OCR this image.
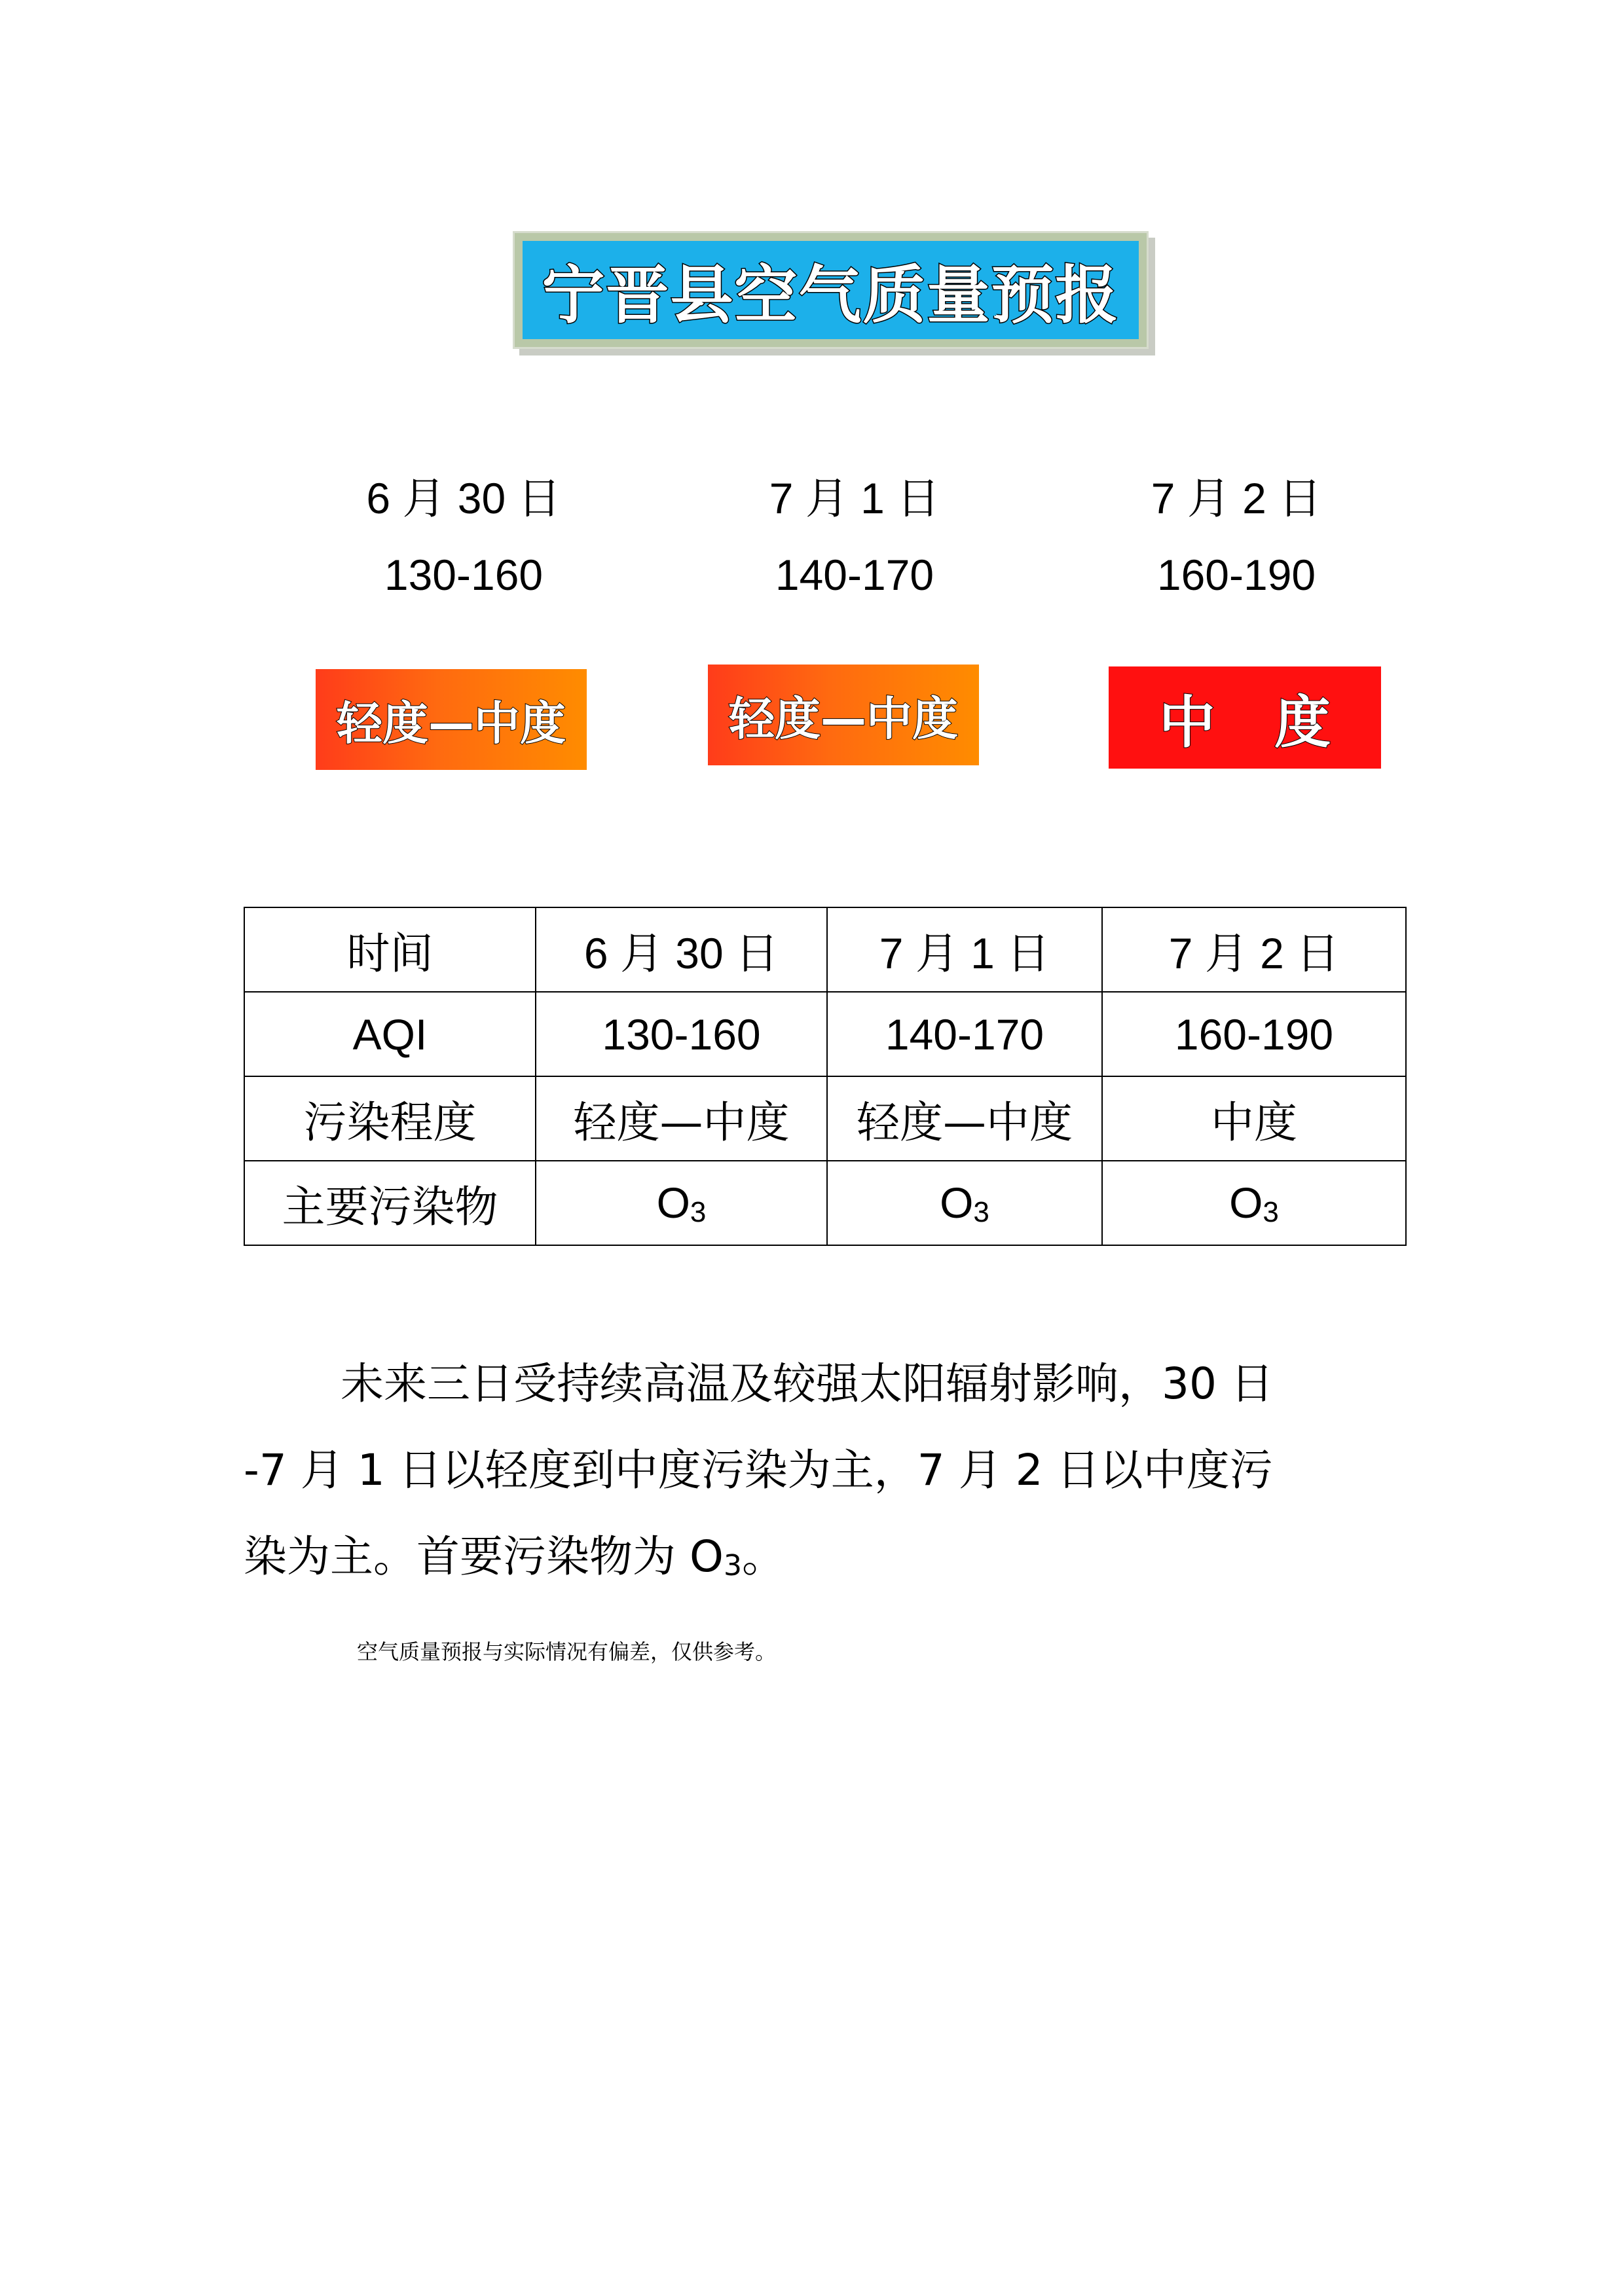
宁晋县空气质量预报
6 月 30 日	7 月 1 日	7 月 2 日
130-160	140-170	160-190
轻度—中度	轻度—中度	中 度
时间	6 月 30 日	7 月 1 日	7 月 2 日
AQI	130-160	140-170	160-190
污染程度	轻度—中度	轻度—中度	中度
主要污染物	$O_3$	$O_3$	$O_3$
未来三日受持续高温及较强太阳辐射影响，30 日
-7 月 1 日以轻度到中度污染为主，7 月 2 日以中度污
染为主。首要污染物为 $O_3$。
空气质量预报与实际情况有偏差，仅供参考。
